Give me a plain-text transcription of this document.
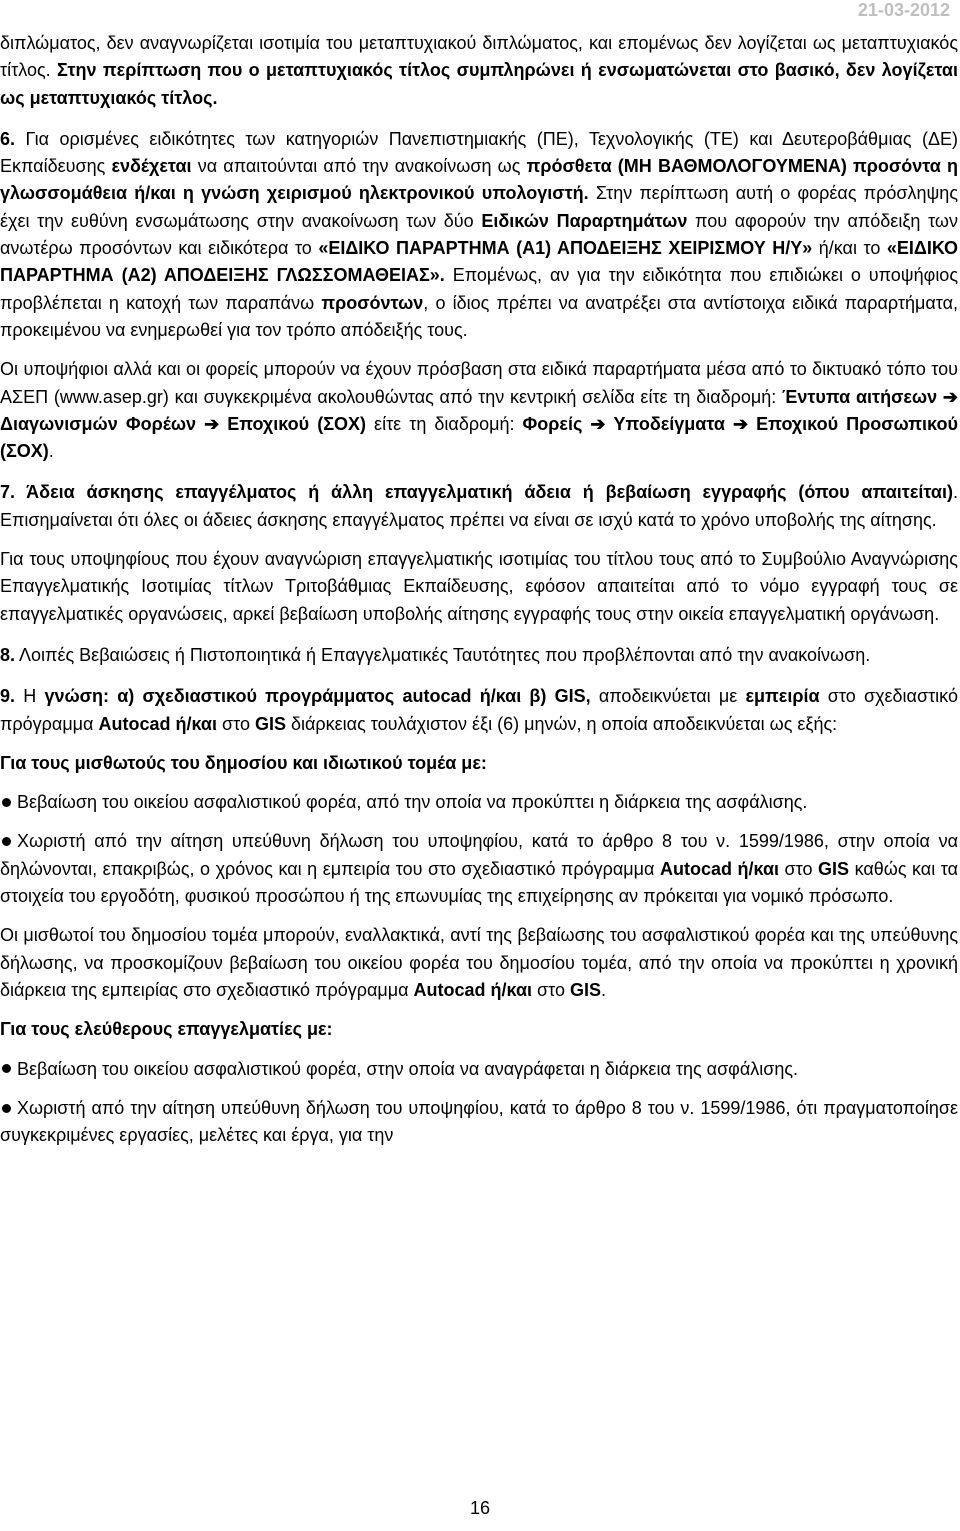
21-03-2012

διπλώματος, δεν αναγνωρίζεται ισοτιμία του μεταπτυχιακού διπλώματος, και επομένως δεν λογίζεται ως μεταπτυχιακός τίτλος. Στην περίπτωση που ο μεταπτυχιακός τίτλος συμπληρώνει ή ενσωματώνεται στο βασικό, δεν λογίζεται ως μεταπτυχιακός τίτλος.

6. Για ορισμένες ειδικότητες των κατηγοριών Πανεπιστημιακής (ΠΕ), Τεχνολογικής (ΤΕ) και Δευτεροβάθμιας (ΔΕ) Εκπαίδευσης ενδέχεται να απαιτούνται από την ανακοίνωση ως πρόσθετα (ΜΗ ΒΑΘΜΟΛΟΓΟΥΜΕΝΑ) προσόντα η γλωσσομάθεια ή/και η γνώση χειρισμού ηλεκτρονικού υπολογιστή. Στην περίπτωση αυτή ο φορέας πρόσληψης έχει την ευθύνη ενσωμάτωσης στην ανακοίνωση των δύο Ειδικών Παραρτημάτων που αφορούν την απόδειξη των ανωτέρω προσόντων και ειδικότερα το «ΕΙΔΙΚΟ ΠΑΡΑΡΤΗΜΑ (Α1) ΑΠΟΔΕΙΞΗΣ ΧΕΙΡΙΣΜΟΥ Η/Υ» ή/και το «ΕΙΔΙΚΟ ΠΑΡΑΡΤΗΜΑ (Α2) ΑΠΟΔΕΙΞΗΣ ΓΛΩΣΣΟΜΑΘΕΙΑΣ». Επομένως, αν για την ειδικότητα που επιδιώκει ο υποψήφιος προβλέπεται η κατοχή των παραπάνω προσόντων, ο ίδιος πρέπει να ανατρέξει στα αντίστοιχα ειδικά παραρτήματα, προκειμένου να ενημερωθεί για τον τρόπο απόδειξής τους.

Οι υποψήφιοι αλλά και οι φορείς μπορούν να έχουν πρόσβαση στα ειδικά παραρτήματα μέσα από το δικτυακό τόπο του ΑΣΕΠ (www.asep.gr) και συγκεκριμένα ακολουθώντας από την κεντρική σελίδα είτε τη διαδρομή: Έντυπα αιτήσεων ➔ Διαγωνισμών Φορέων ➔ Εποχικού (ΣΟΧ) είτε τη διαδρομή: Φορείς ➔ Υποδείγματα ➔ Εποχικού Προσωπικού (ΣΟΧ).

7. Άδεια άσκησης επαγγέλματος ή άλλη επαγγελματική άδεια ή βεβαίωση εγγραφής (όπου απαιτείται). Επισημαίνεται ότι όλες οι άδειες άσκησης επαγγέλματος πρέπει να είναι σε ισχύ κατά το χρόνο υποβολής της αίτησης.

Για τους υποψηφίους που έχουν αναγνώριση επαγγελματικής ισοτιμίας του τίτλου τους από το Συμβούλιο Αναγνώρισης Επαγγελματικής Ισοτιμίας τίτλων Τριτοβάθμιας Εκπαίδευσης, εφόσον απαιτείται από το νόμο εγγραφή τους σε επαγγελματικές οργανώσεις, αρκεί βεβαίωση υποβολής αίτησης εγγραφής τους στην οικεία επαγγελματική οργάνωση.

8. Λοιπές Βεβαιώσεις ή Πιστοποιητικά ή Επαγγελματικές Ταυτότητες που προβλέπονται από την ανακοίνωση.

9. Η γνώση: α) σχεδιαστικού προγράμματος autocad ή/και β) GIS, αποδεικνύεται με εμπειρία στο σχεδιαστικό πρόγραμμα Autocad ή/και στο GIS διάρκειας τουλάχιστον έξι (6) μηνών, η οποία αποδεικνύεται ως εξής:

Για τους μισθωτούς του δημοσίου και ιδιωτικού τομέα με:

Βεβαίωση του οικείου ασφαλιστικού φορέα, από την οποία να προκύπτει η διάρκεια της ασφάλισης.

Χωριστή από την αίτηση υπεύθυνη δήλωση του υποψηφίου, κατά το άρθρο 8 του ν. 1599/1986, στην οποία να δηλώνονται, επακριβώς, ο χρόνος και η εμπειρία του στο σχεδιαστικό πρόγραμμα Autocad ή/και στο GIS καθώς και τα στοιχεία του εργοδότη, φυσικού προσώπου ή της επωνυμίας της επιχείρησης αν πρόκειται για νομικό πρόσωπο.

Οι μισθωτοί του δημοσίου τομέα μπορούν, εναλλακτικά, αντί της βεβαίωσης του ασφαλιστικού φορέα και της υπεύθυνης δήλωσης, να προσκομίζουν βεβαίωση του οικείου φορέα του δημοσίου τομέα, από την οποία να προκύπτει η χρονική διάρκεια της εμπειρίας στο σχεδιαστικό πρόγραμμα Autocad ή/και στο GIS.

Για τους ελεύθερους επαγγελματίες με:

Βεβαίωση του οικείου ασφαλιστικού φορέα, στην οποία να αναγράφεται η διάρκεια της ασφάλισης.

Χωριστή από την αίτηση υπεύθυνη δήλωση του υποψηφίου, κατά το άρθρο 8 του ν. 1599/1986, ότι πραγματοποίησε συγκεκριμένες εργασίες, μελέτες και έργα, για την

16
